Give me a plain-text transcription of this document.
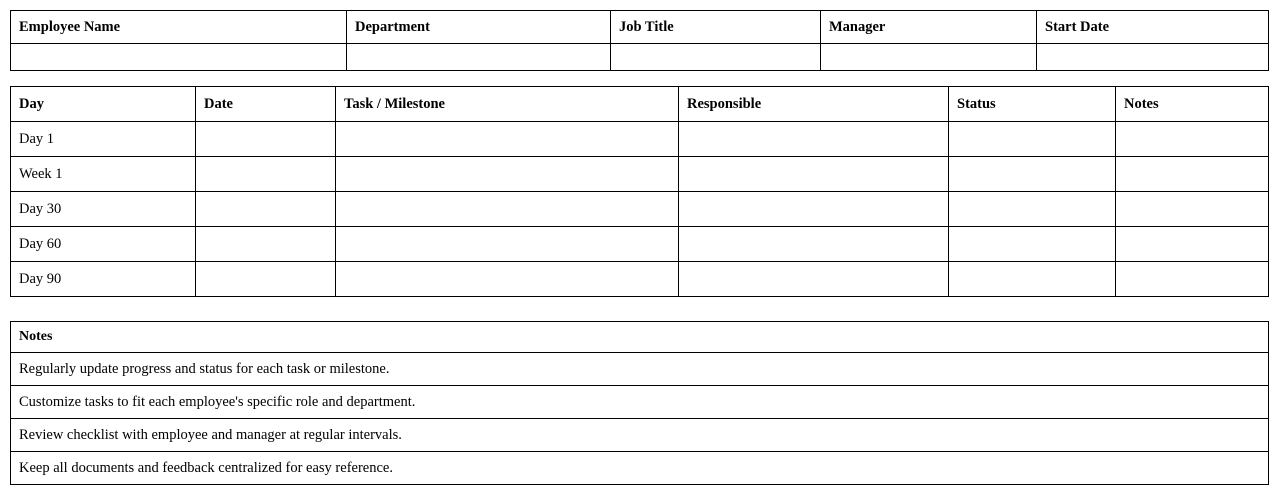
Employee Name	Department	Job Title	Manager	Start Date

Day	Date	Task / Milestone	Responsible	Status	Notes
Day 1					
Week 1					
Day 30					
Day 60					
Day 90					
Notes
Regularly update progress and status for each task or milestone.
Customize tasks to fit each employee's specific role and department.
Review checklist with employee and manager at regular intervals.
Keep all documents and feedback centralized for easy reference.
